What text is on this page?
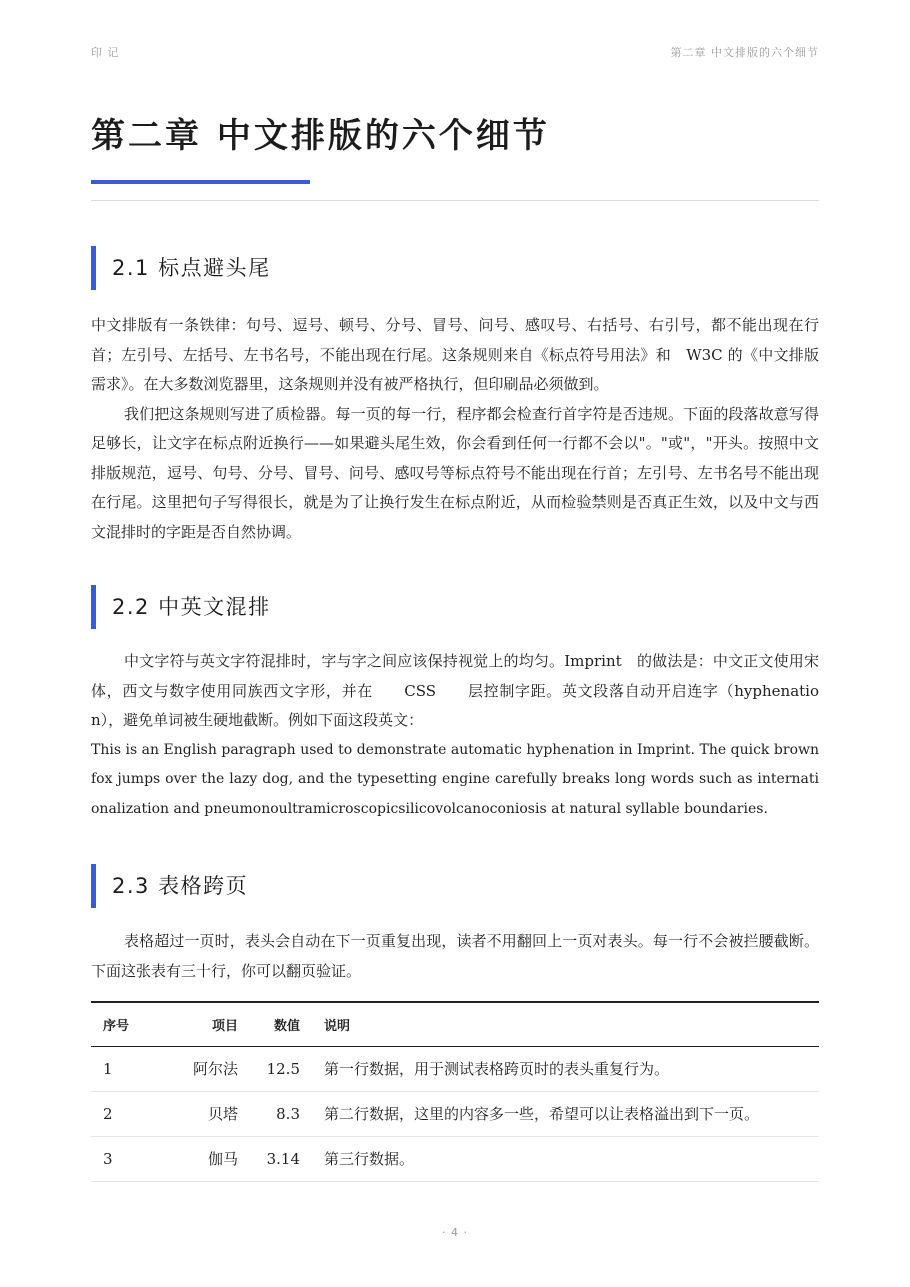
印 记	第二章 中文排版的六个细节
第二章 中文排版的六个细节
2.1 标点避头尾

中文排版有一条铁律：句号、逗号、顿号、分号、冒号、问号、感叹号、右括号、右引号，都不能出现在行首；左引号、左括号、左书名号，不能出现在行尾。这条规则来自《标点符号用法》和　W3C 的《中文排版需求》。在大多数浏览器里，这条规则并没有被严格执行，但印刷品必须做到。

我们把这条规则写进了质检器。每一页的每一行，程序都会检查行首字符是否违规。下面的段落故意写得足够长，让文字在标点附近换行——如果避头尾生效，你会看到任何一行都不会以"。"或"，"开头。按照中文排版规范，逗号、句号、分号、冒号、问号、感叹号等标点符号不能出现在行首；左引号、左书名号不能出现在行尾。这里把句子写得很长，就是为了让换行发生在标点附近，从而检验禁则是否真正生效，以及中文与西文混排时的字距是否自然协调。

2.2 中英文混排

中文字符与英文字符混排时，字与字之间应该保持视觉上的均匀。Imprint　的做法是：中文正文使用宋体，西文与数字使用同族西文字形，并在　　CSS　　层控制字距。英文段落自动开启连字（hyphenation），避免单词被生硬地截断。例如下面这段英文：

This is an English paragraph used to demonstrate automatic hyphenation in Imprint. The quick brown fox jumps over the lazy dog, and the typesetting engine carefully breaks long words such as internationalization and pneumonoultramicroscopicsilicovolcanoconiosis at natural syllable boundaries.

2.3 表格跨页

表格超过一页时，表头会自动在下一页重复出现，读者不用翻回上一页对表头。每一行不会被拦腰截断。下面这张表有三十行，你可以翻页验证。

序号	项目	数值	说明
1	阿尔法	12.5	第一行数据，用于测试表格跨页时的表头重复行为。
2	贝塔	8.3	第二行数据，这里的内容多一些，希望可以让表格溢出到下一页。
3	伽马	3.14	第三行数据。
· 4 ·
